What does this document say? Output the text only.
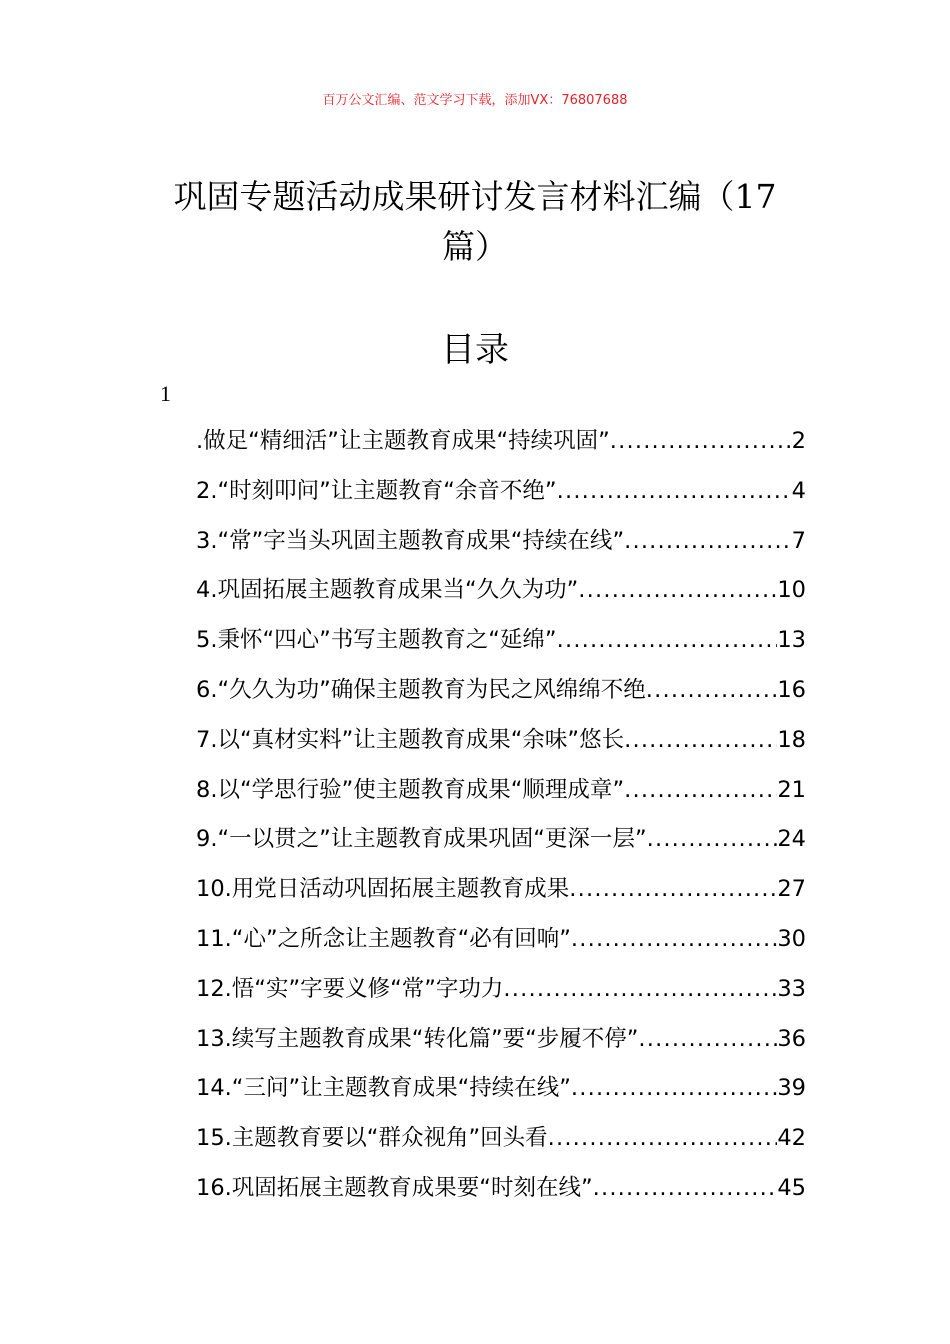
百万公文汇编、范文学习下载，添加VX：76807688
巩固专题活动成果研讨发言材料汇编（17
篇）
目录
1
.做足“精细活”让主题教育成果“持续巩固” .....	2
2.“时刻叩问”让主题教育“余音不绝” .....	4
3.“常”字当头巩固主题教育成果“持续在线” .....	7
4.巩固拓展主题教育成果当“久久为功” .....	10
5.秉怀“四心”书写主题教育之“延绵” .....	13
6.“久久为功”确保主题教育为民之风绵绵不绝 .....	16
7.以“真材实料”让主题教育成果“余味”悠长 .....	18
8.以“学思行验”使主题教育成果“顺理成章” .....	21
9.“一以贯之”让主题教育成果巩固“更深一层” .....	24
10.用党日活动巩固拓展主题教育成果 .....	27
11.“心”之所念让主题教育“必有回响” .....	30
12.悟“实”字要义修“常”字功力 .....	33
13.续写主题教育成果“转化篇”要“步履不停” .....	36
14.“三问”让主题教育成果“持续在线” .....	39
15.主题教育要以“群众视角”回头看 .....	42
16.巩固拓展主题教育成果要“时刻在线” .....	45
